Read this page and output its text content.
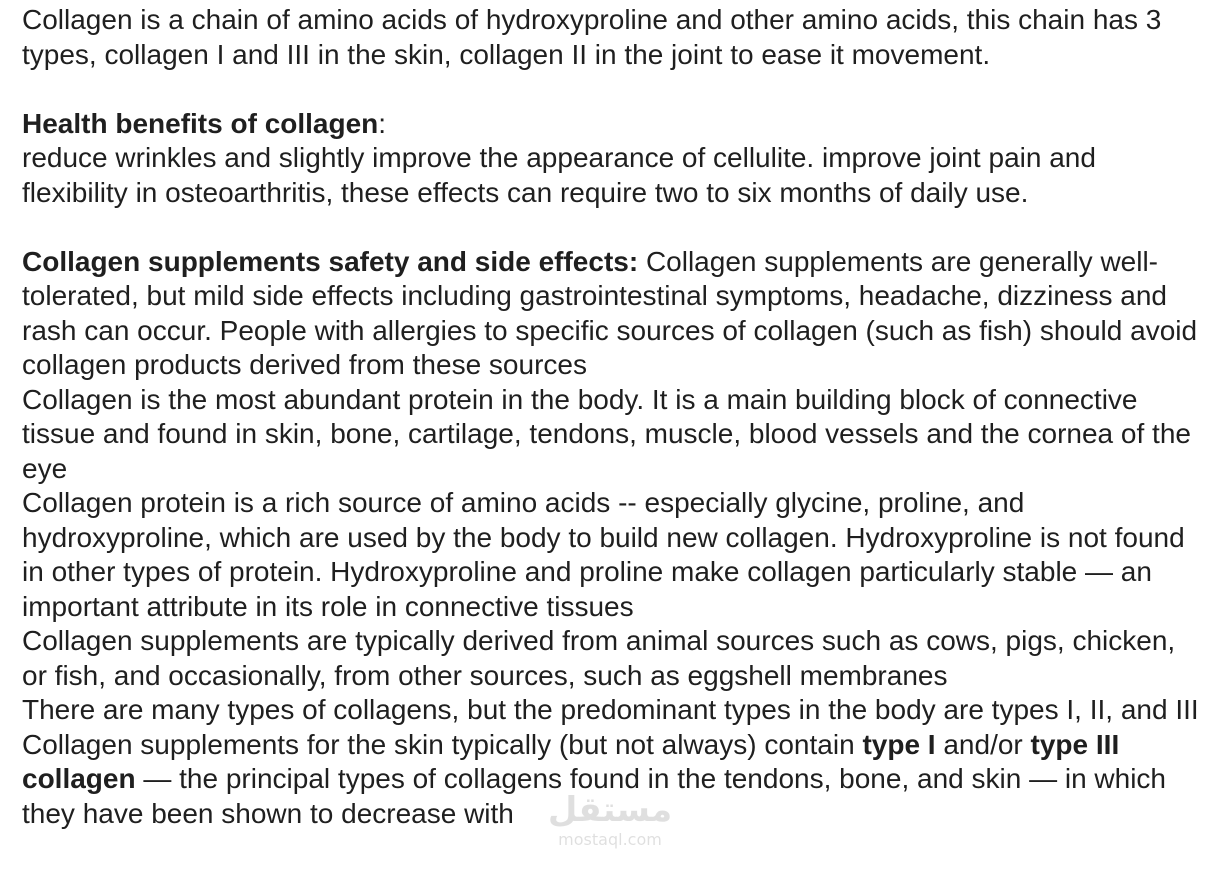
Collagen is a chain of amino acids of hydroxyproline and other amino acids, this chain has 3 types, collagen I and III in the skin, collagen II in the joint to ease it movement.

Health benefits of collagen:

reduce wrinkles and slightly improve the appearance of cellulite. improve joint pain and flexibility in osteoarthritis, these effects can require two to six months of daily use.

Collagen supplements safety and side effects: Collagen supplements are generally well-tolerated, but mild side effects including gastrointestinal symptoms, headache, dizziness and rash can occur. People with allergies to specific sources of collagen (such as fish) should avoid collagen products derived from these sources

Collagen is the most abundant protein in the body. It is a main building block of connective tissue and found in skin, bone, cartilage, tendons, muscle, blood vessels and the cornea of the eye

Collagen protein is a rich source of amino acids -- especially glycine, proline, and hydroxyproline, which are used by the body to build new collagen. Hydroxyproline is not found in other types of protein. Hydroxyproline and proline make collagen particularly stable — an important attribute in its role in connective tissues

Collagen supplements are typically derived from animal sources such as cows, pigs, chicken, or fish, and occasionally, from other sources, such as eggshell membranes

There are many types of collagens, but the predominant types in the body are types I, II, and III

Collagen supplements for the skin typically (but not always) contain type I and/or type III collagen — the principal types of collagens found in the tendons, bone, and skin — in which they have been shown to decrease with مستقل
mostaql.com
